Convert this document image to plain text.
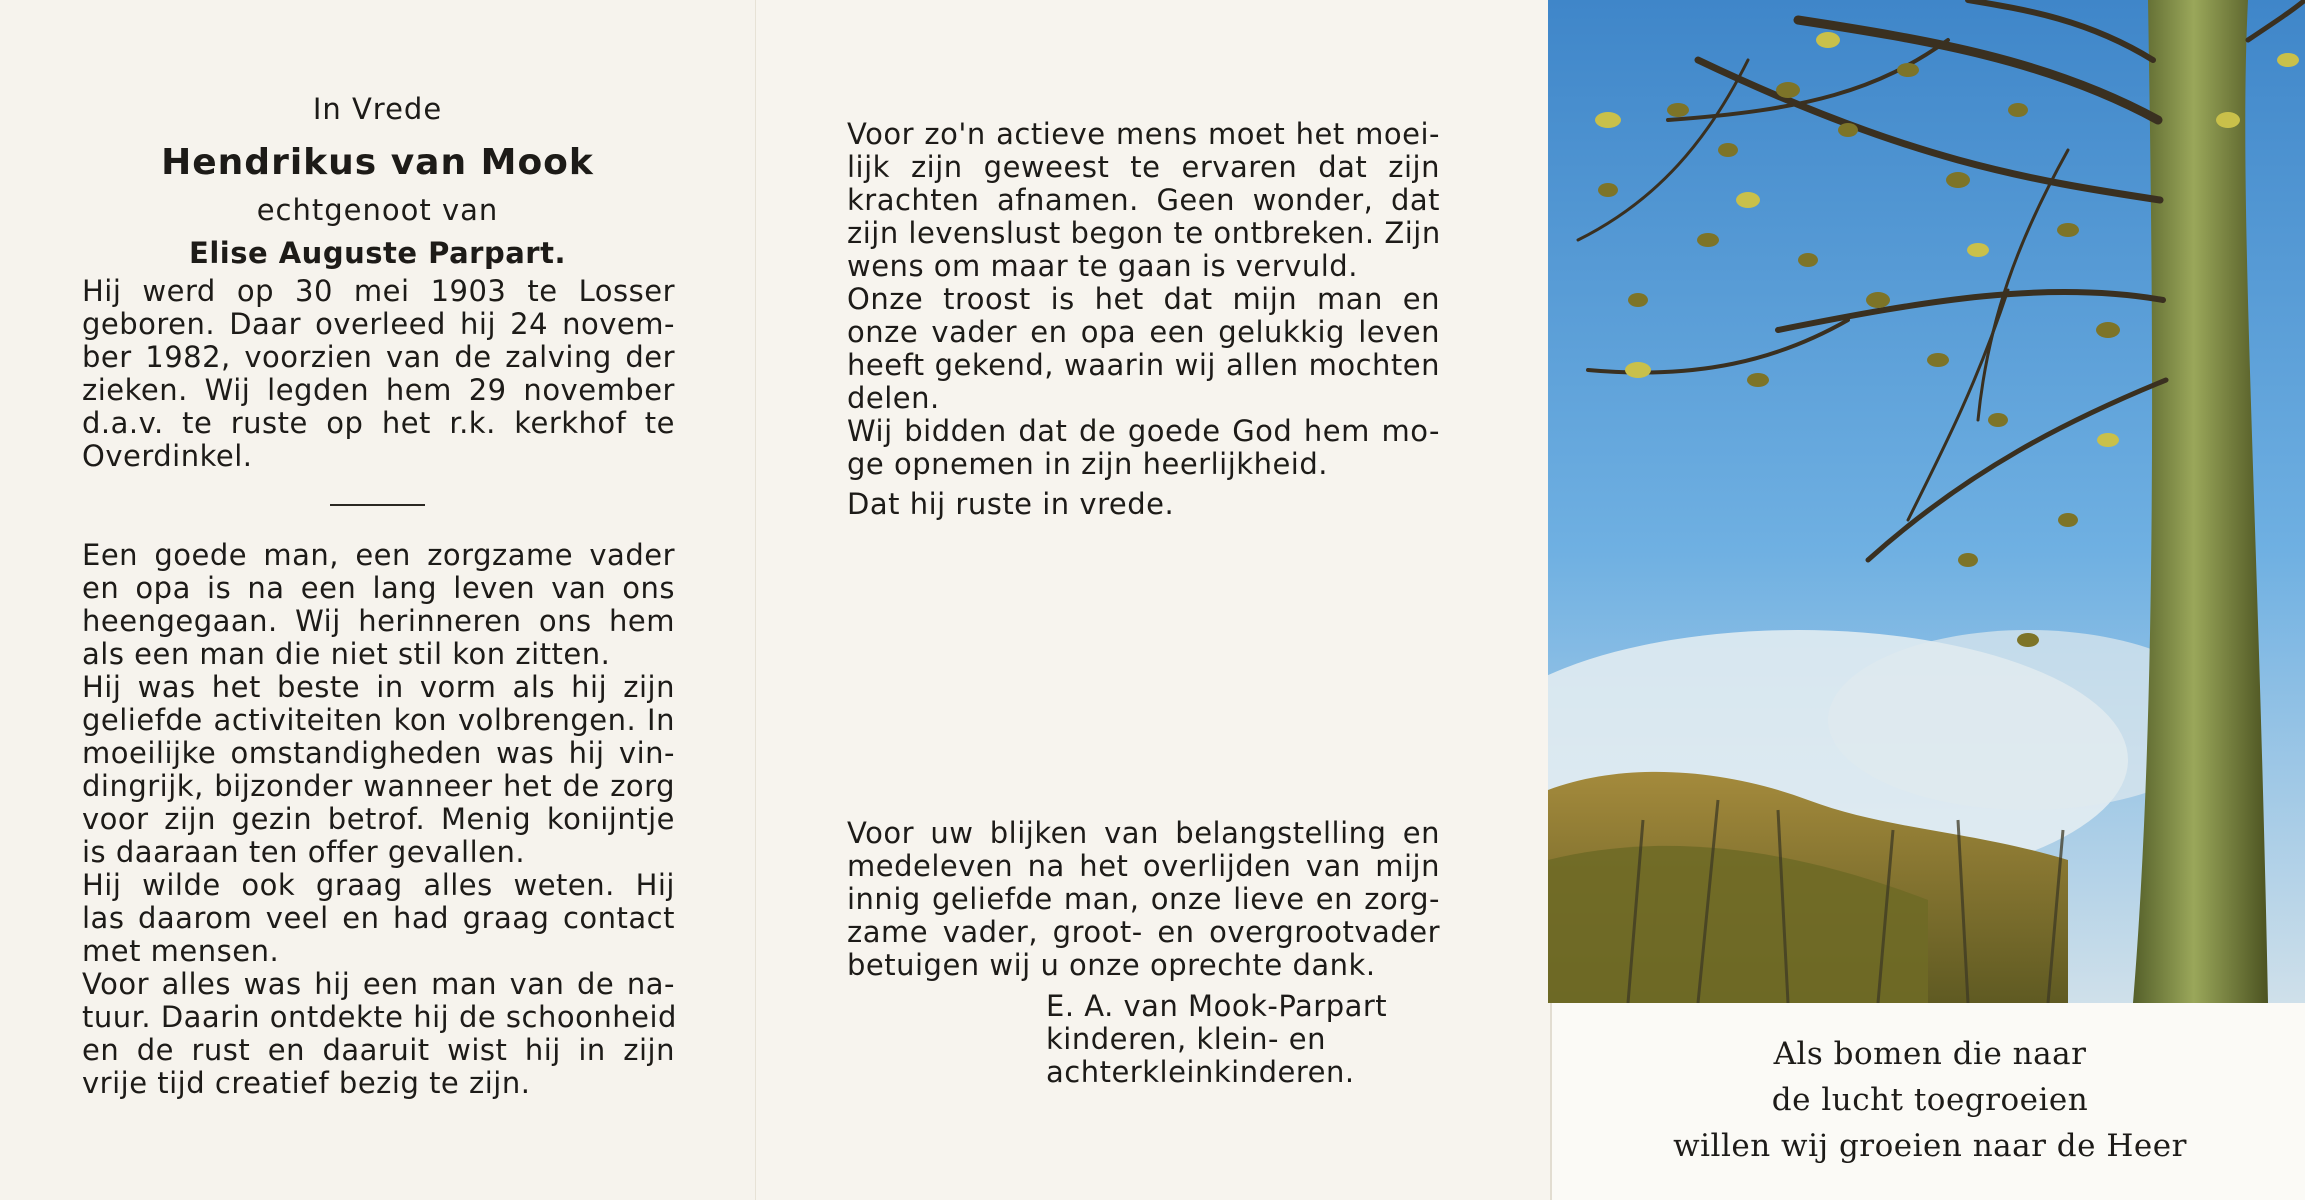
In Vrede
Hendrikus van Mook
echtgenoot van
Elise Auguste Parpart.

Hij werd op 30 mei 1903 te Losser
geboren. Daar overleed hij 24 novem-
ber 1982, voorzien van de zalving der
zieken. Wij legden hem 29 november
d.a.v. te ruste op het r.k. kerkhof te
Overdinkel.

Een goede man, een zorgzame vader
en opa is na een lang leven van ons
heengegaan. Wij herinneren ons hem
als een man die niet stil kon zitten.
Hij was het beste in vorm als hij zijn
geliefde activiteiten kon volbrengen. In
moeilijke omstandigheden was hij vin-
dingrijk, bijzonder wanneer het de zorg
voor zijn gezin betrof. Menig konijntje
is daaraan ten offer gevallen.
Hij wilde ook graag alles weten. Hij
las daarom veel en had graag contact
met mensen.
Voor alles was hij een man van de na-
tuur. Daarin ontdekte hij de schoonheid
en de rust en daaruit wist hij in zijn
vrije tijd creatief bezig te zijn.

Voor zo'n actieve mens moet het moei-
lijk zijn geweest te ervaren dat zijn
krachten afnamen. Geen wonder, dat
zijn levenslust begon te ontbreken. Zijn
wens om maar te gaan is vervuld.
Onze troost is het dat mijn man en
onze vader en opa een gelukkig leven
heeft gekend, waarin wij allen mochten
delen.
Wij bidden dat de goede God hem mo-
ge opnemen in zijn heerlijkheid.

Dat hij ruste in vrede.

Voor uw blijken van belangstelling en
medeleven na het overlijden van mijn
innig geliefde man, onze lieve en zorg-
zame vader, groot- en overgrootvader
betuigen wij u onze oprechte dank.

E. A. van Mook-Parpart
kinderen, klein- en
achterkleinkinderen.	Als bomen die naar
de lucht toegroeien
willen wij groeien naar de Heer
